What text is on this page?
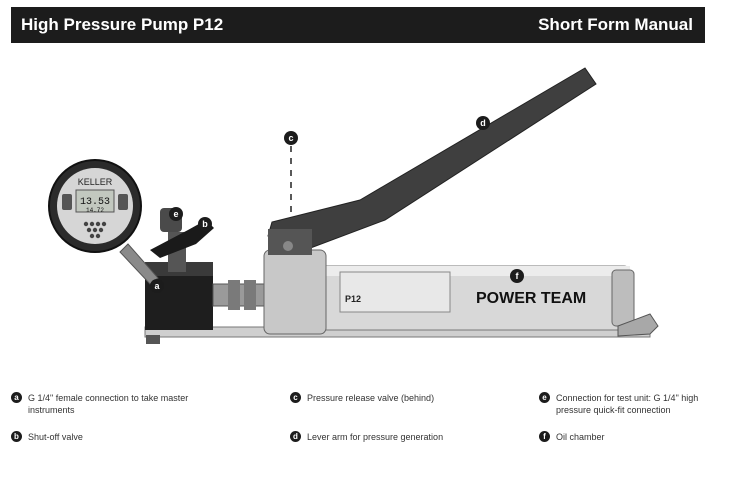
High Pressure Pump P12	Short Form Manual
P12	POWER TEAM
KELLER
13.53
14.72
a
b
c
d
e
f
a	G 1/4" female connection to take master instruments
b	Shut-off valve
c	Pressure release valve (behind)
d	Lever arm for pressure generation
e	Connection for test unit: G 1/4" high pressure quick-fit connection
f	Oil chamber
